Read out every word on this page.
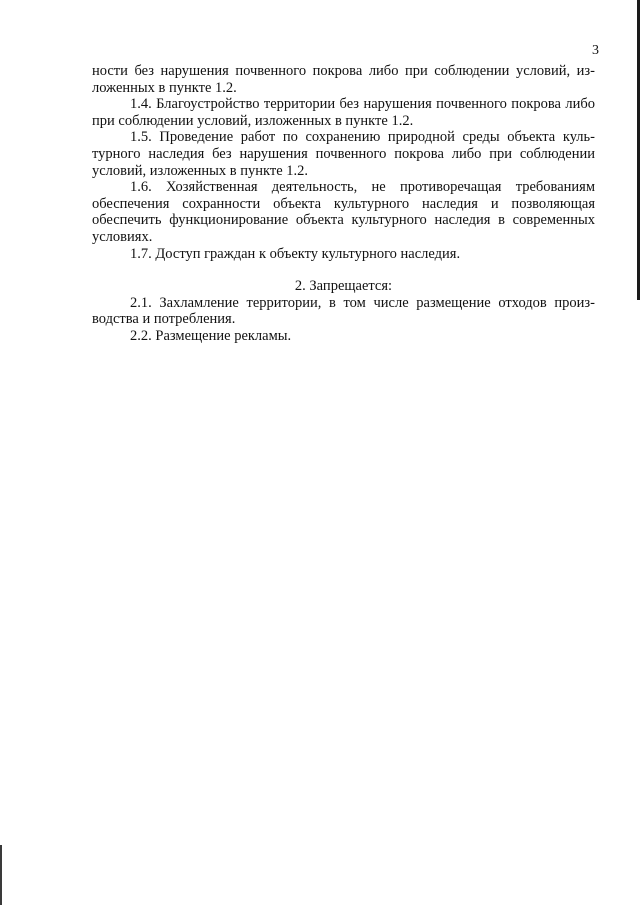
3

ности без нарушения почвенного покрова либо при соблюдении условий, из-ложенных в пункте 1.2.

1.4. Благоустройство территории без нарушения почвенного покрова либо при соблюдении условий, изложенных в пункте 1.2.

1.5. Проведение работ по сохранению природной среды объекта куль-турного наследия без нарушения почвенного покрова либо при соблюдении условий, изложенных в пункте 1.2.

1.6. Хозяйственная деятельность, не противоречащая требованиям обеспечения сохранности объекта культурного наследия и позволяющая обеспечить функционирование объекта культурного наследия в современных условиях.

1.7. Доступ граждан к объекту культурного наследия.

2. Запрещается:

2.1. Захламление территории, в том числе размещение отходов произ-водства и потребления.

2.2. Размещение рекламы.
